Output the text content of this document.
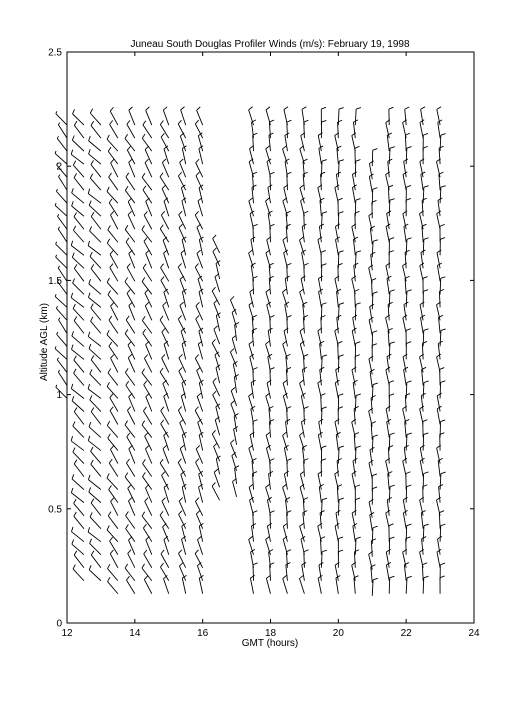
Juneau South Douglas Profiler Winds (m/s): February 19, 1998
12	14	16	18	20	22	24
0
0.5
1
1.5
2
2.5
GMT (hours)
Altitude AGL (km)
